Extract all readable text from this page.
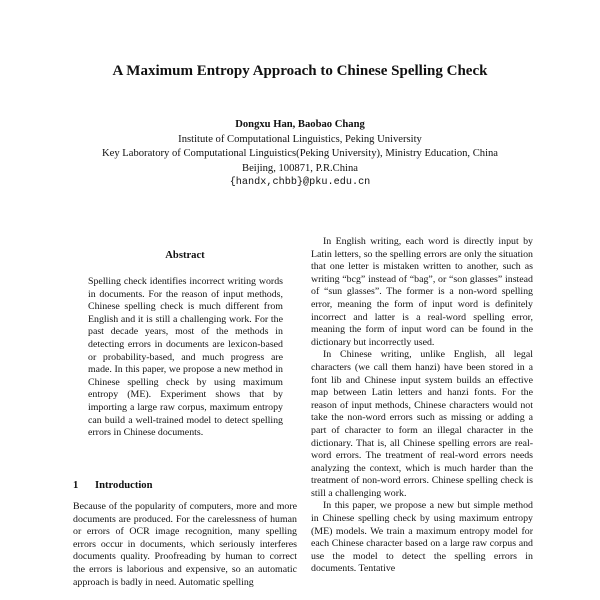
A Maximum Entropy Approach to Chinese Spelling Check
Dongxu Han, Baobao Chang
Institute of Computational Linguistics, Peking University
Key Laboratory of Computational Linguistics(Peking University), Ministry Education, China
Beijing, 100871, P.R.China
{handx,chbb}@pku.edu.cn
Abstract

Spelling check identifies incorrect writing words in documents. For the reason of input methods, Chinese spelling check is much different from English and it is still a challenging work. For the past decade years, most of the methods in detecting errors in documents are lexicon-based or probability-based, and much progress are made. In this paper, we propose a new method in Chinese spelling check by using maximum entropy (ME). Experiment shows that by importing a large raw corpus, maximum entropy can build a well-trained model to detect spelling errors in Chinese documents.

1 Introduction

Because of the popularity of computers, more and more documents are produced. For the carelessness of human or errors of OCR image recognition, many spelling errors occur in documents, which seriously interferes documents quality. Proofreading by human to correct the errors is laborious and expensive, so an automatic approach is badly in need. Automatic spelling

In English writing, each word is directly input by Latin letters, so the spelling errors are only the situation that one letter is mistaken written to another, such as writing “bcg” instead of “bag”, or “son glasses” instead of “sun glasses”. The former is a non-word spelling error, meaning the form of input word is definitely incorrect and latter is a real-word spelling error, meaning the form of input word can be found in the dictionary but incorrectly used.

In Chinese writing, unlike English, all legal characters (we call them hanzi) have been stored in a font lib and Chinese input system builds an effective map between Latin letters and hanzi fonts. For the reason of input methods, Chinese characters would not take the non-word errors such as missing or adding a part of character to form an illegal character in the dictionary. That is, all Chinese spelling errors are real-word errors. The treatment of real-word errors needs analyzing the context, which is much harder than the treatment of non-word errors. Chinese spelling check is still a challenging work.

In this paper, we propose a new but simple method in Chinese spelling check by using maximum entropy (ME) models. We train a maximum entropy model for each Chinese character based on a large raw corpus and use the model to detect the spelling errors in documents. Tentative
